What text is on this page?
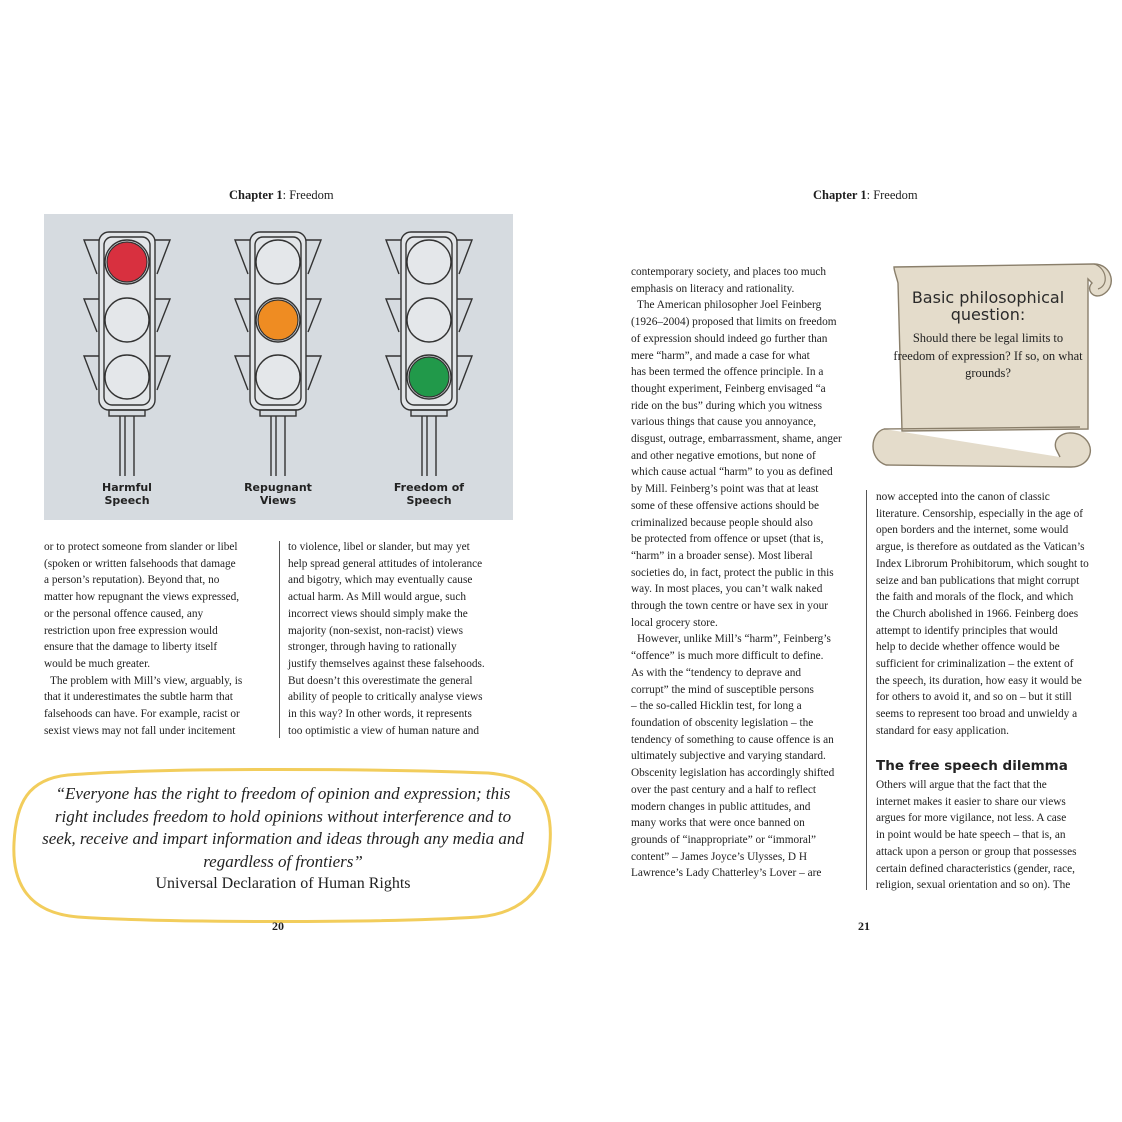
Chapter 1: Freedom
Harmful
Speech
Repugnant
Views
Freedom of
Speech

or to protect someone from slander or libel

(spoken or written falsehoods that damage

a person’s reputation). Beyond that, no

matter how repugnant the views expressed,

or the personal offence caused, any

restriction upon free expression would

ensure that the damage to liberty itself

would be much greater.

The problem with Mill’s view, arguably, is

that it underestimates the subtle harm that

falsehoods can have. For example, racist or

sexist views may not fall under incitement

to violence, libel or slander, but may yet

help spread general attitudes of intolerance

and bigotry, which may eventually cause

actual harm. As Mill would argue, such

incorrect views should simply make the

majority (non-sexist, non-racist) views

stronger, through having to rationally

justify themselves against these falsehoods.

But doesn’t this overestimate the general

ability of people to critically analyse views

in this way? In other words, it represents

too optimistic a view of human nature and

“Everyone has the right to freedom of opinion and expression; this right includes freedom to hold opinions without interference and to seek, receive and impart information and ideas through any media and regardless of frontiers”
Universal Declaration of Human Rights
20
Chapter 1: Freedom

contemporary society, and places too much

emphasis on literacy and rationality.

The American philosopher Joel Feinberg

(1926–2004) proposed that limits on freedom

of expression should indeed go further than

mere “harm”, and made a case for what

has been termed the offence principle. In a

thought experiment, Feinberg envisaged “a

ride on the bus” during which you witness

various things that cause you annoyance,

disgust, outrage, embarrassment, shame, anger

and other negative emotions, but none of

which cause actual “harm” to you as defined

by Mill. Feinberg’s point was that at least

some of these offensive actions should be

criminalized because people should also

be protected from offence or upset (that is,

“harm” in a broader sense). Most liberal

societies do, in fact, protect the public in this

way. In most places, you can’t walk naked

through the town centre or have sex in your

local grocery store.

However, unlike Mill’s “harm”, Feinberg’s

“offence” is much more difficult to define.

As with the “tendency to deprave and

corrupt” the mind of susceptible persons

– the so-called Hicklin test, for long a

foundation of obscenity legislation – the

tendency of something to cause offence is an

ultimately subjective and varying standard.

Obscenity legislation has accordingly shifted

over the past century and a half to reflect

modern changes in public attitudes, and

many works that were once banned on

grounds of “inappropriate” or “immoral”

content” – James Joyce’s Ulysses, D H

Lawrence’s Lady Chatterley’s Lover – are

Basic philosophical question:
Should there be legal limits to freedom of expression? If so, on what grounds?

now accepted into the canon of classic

literature. Censorship, especially in the age of

open borders and the internet, some would

argue, is therefore as outdated as the Vatican’s

Index Librorum Prohibitorum, which sought to

seize and ban publications that might corrupt

the faith and morals of the flock, and which

the Church abolished in 1966. Feinberg does

attempt to identify principles that would

help to decide whether offence would be

sufficient for criminalization – the extent of

the speech, its duration, how easy it would be

for others to avoid it, and so on – but it still

seems to represent too broad and unwieldy a

standard for easy application.

The free speech dilemma

Others will argue that the fact that the

internet makes it easier to share our views

argues for more vigilance, not less. A case

in point would be hate speech – that is, an

attack upon a person or group that possesses

certain defined characteristics (gender, race,

religion, sexual orientation and so on). The

21
